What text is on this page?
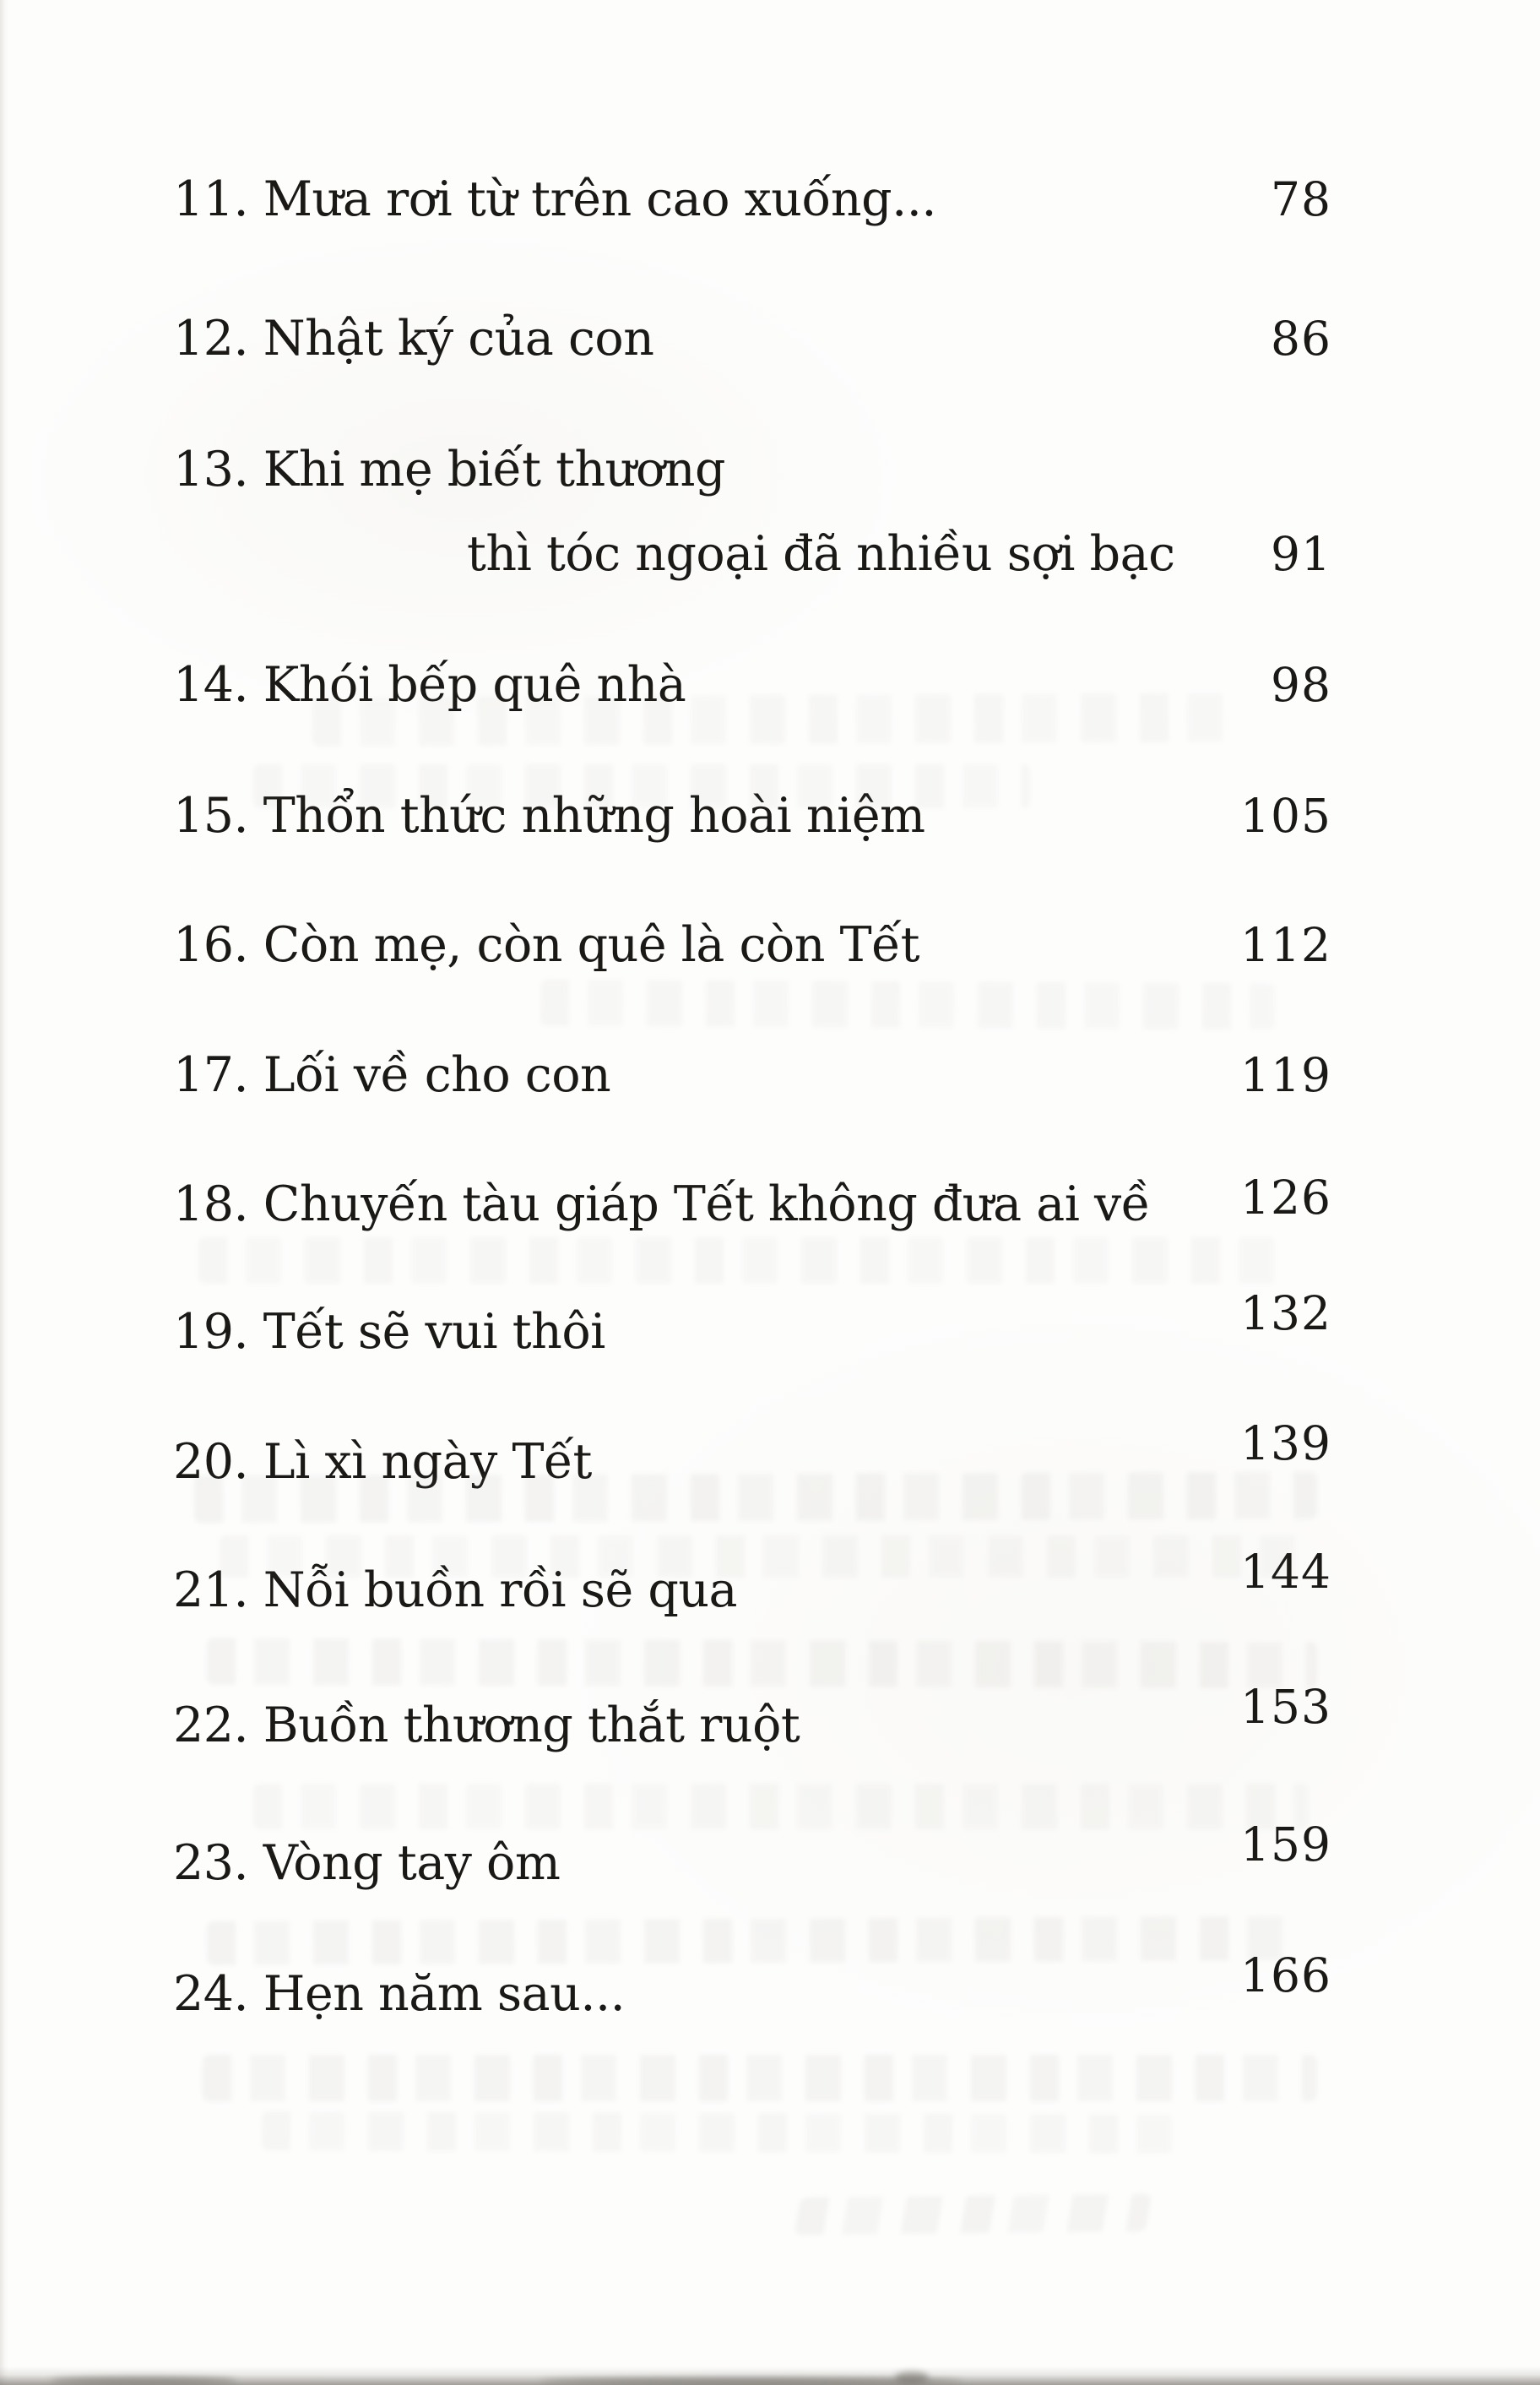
11. Mưa rơi từ trên cao xuống...	78
12. Nhật ký của con	86
13. Khi mẹ biết thương
thì tóc ngoại đã nhiều sợi bạc 91
14. Khói bếp quê nhà	98
15. Thổn thức những hoài niệm	105
16. Còn mẹ, còn quê là còn Tết	112
17. Lối về cho con	119
18. Chuyến tàu giáp Tết không đưa ai về 126
19. Tết sẽ vui thôi	132
20. Lì xì ngày Tết	139
21. Nỗi buồn rồi sẽ qua	144
22. Buồn thương thắt ruột	153
23. Vòng tay ôm	159
24. Hẹn năm sau...	166
